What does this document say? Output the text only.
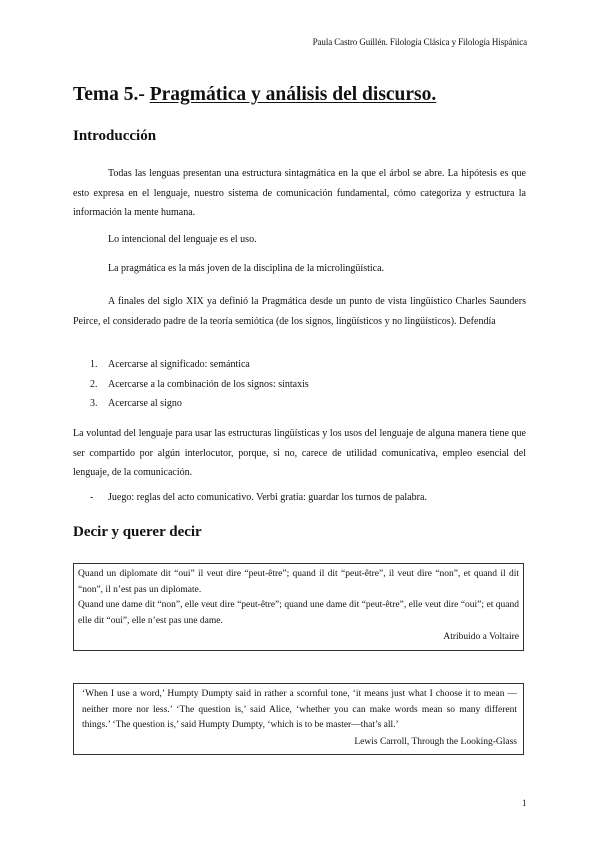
Paula Castro Guillén. Filología Clásica y Filología Hispánica
Tema 5.- Pragmática y análisis del discurso.
Introducción

Todas las lenguas presentan una estructura sintagmática en la que el árbol se abre. La hipótesis es que esto expresa en el lenguaje, nuestro sistema de comunicación fundamental, cómo categoriza y estructura la información la mente humana.

Lo intencional del lenguaje es el uso.

La pragmática es la más joven de la disciplina de la microlingüística.

A finales del siglo XIX ya definió la Pragmática desde un punto de vista lingüístico Charles Saunders Peirce, el considerado padre de la teoría semiótica (de los signos, lingüísticos y no lingüísticos). Defendía

1. Acercarse al significado: semántica
2. Acercarse a la combinación de los signos: sintaxis
3. Acercarse al signo

La voluntad del lenguaje para usar las estructuras lingüísticas y los usos del lenguaje de alguna manera tiene que ser compartido por algún interlocutor, porque, si no, carece de utilidad comunicativa, empleo esencial del lenguaje, de la comunicación.

- Juego: reglas del acto comunicativo. Verbi gratia: guardar los turnos de palabra.
Decir y querer decir

Quand un diplomate dit “oui” il veut dire “peut-être”; quand il dit “peut-être”, il veut dire “non”, et quand il dit “non”, il n’est pas un diplomate.

Quand une dame dit “non”, elle veut dire “peut-être”; quand une dame dit “peut-être”, elle veut dire “oui”; et quand elle dit “oui”, elle n’est pas une dame.

Atribuido a Voltaire

‘When I use a word,’ Humpty Dumpty said in rather a scornful tone, ‘it means just what I choose it to mean —neither more nor less.’ ‘The question is,’ said Alice, ‘whether you can make words mean so many different things.’ ‘The question is,’ said Humpty Dumpty, ‘which is to be master—that’s all.’

Lewis Carroll, Through the Looking-Glass

1
